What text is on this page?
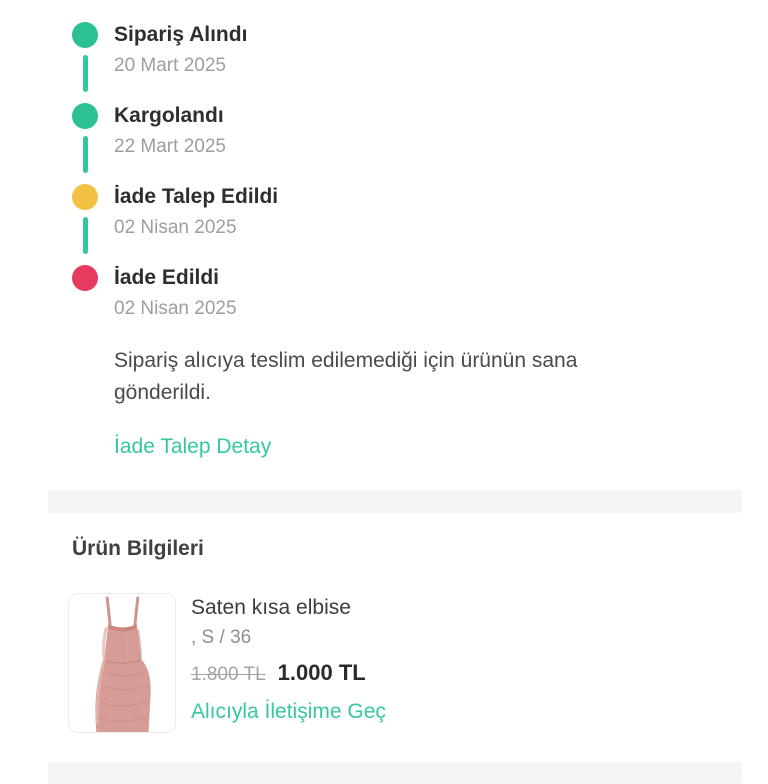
Sipariş Alındı
20 Mart 2025
Kargolandı
22 Mart 2025
İade Talep Edildi
02 Nisan 2025
İade Edildi
02 Nisan 2025

Sipariş alıcıya teslim edilemediği için ürünün sana gönderildi.

İade Talep Detay
Ürün Bilgileri
Saten kısa elbise
, S / 36
1.800 TL 1.000 TL
Alıcıyla İletişime Geç
